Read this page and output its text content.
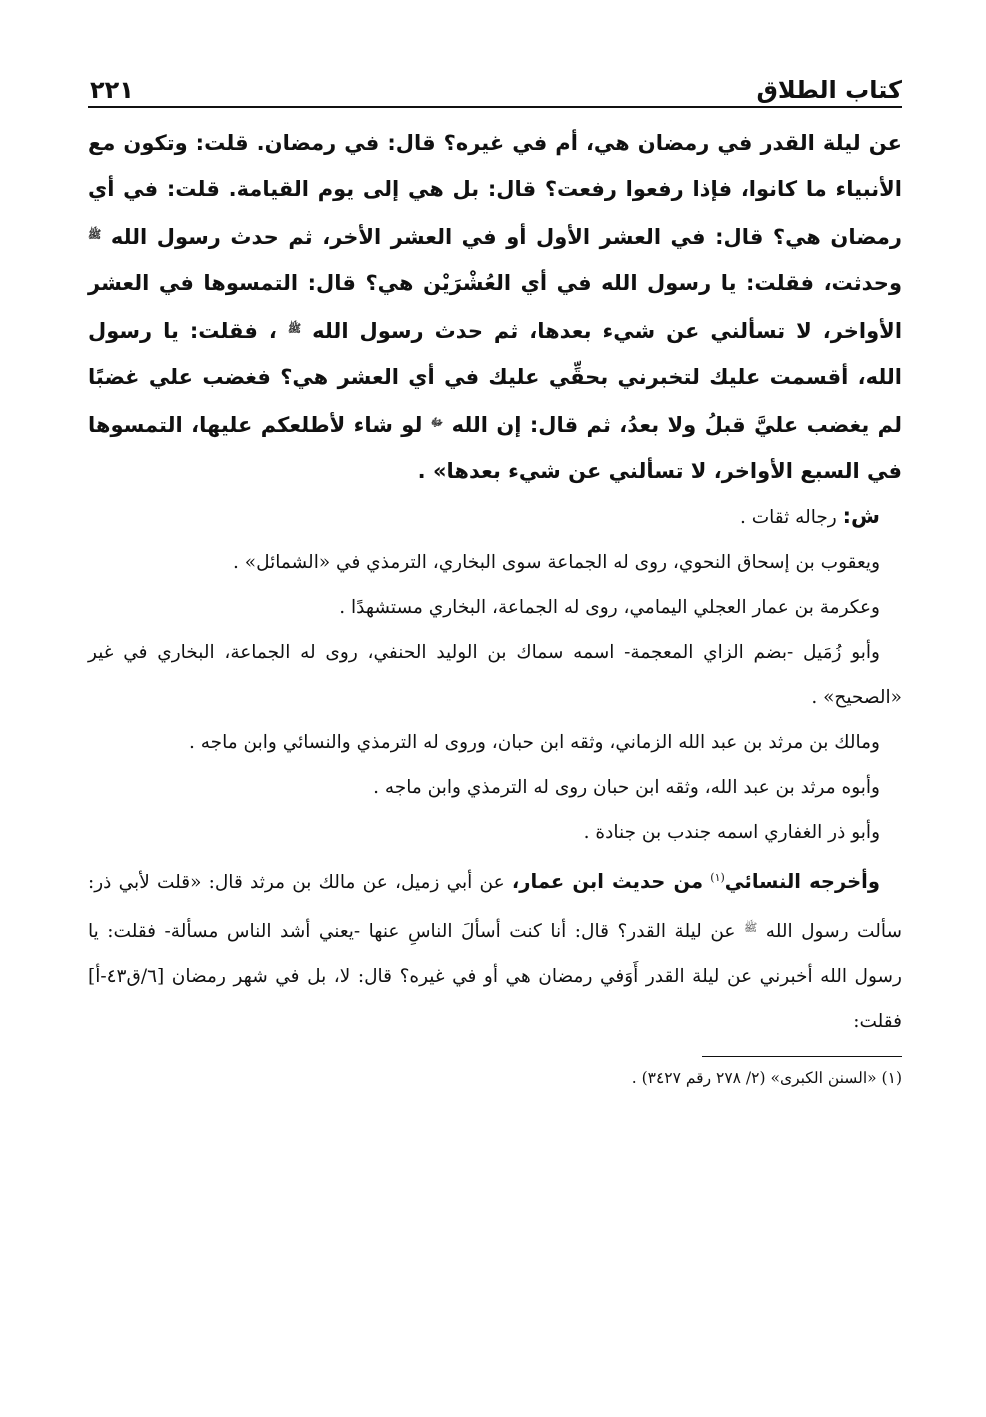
كتاب الطلاق
٢٢١

عن ليلة القدر في رمضان هي، أم في غيره؟ قال: في رمضان. قلت: وتكون مع الأنبياء ما كانوا، فإذا رفعوا رفعت؟ قال: بل هي إلى يوم القيامة. قلت: في أي رمضان هي؟ قال: في العشر الأول أو في العشر الأخر، ثم حدث رسول الله $^ﷺ$ وحدثت، فقلت: يا رسول الله في أي العُشْرَيْن هي؟ قال: التمسوها في العشر الأواخر، لا تسألني عن شيء بعدها، ثم حدث رسول الله $^ﷺ$ ، فقلت: يا رسول الله، أقسمت عليك لتخبرني بحقِّي عليك في أي العشر هي؟ فغضب علي غضبًا لم يغضب عليَّ قبلُ ولا بعدُ، ثم قال: إن الله $^ﷻ$ لو شاء لأطلعكم عليها، التمسوها في السبع الأواخر، لا تسألني عن شيء بعدها» .

ش: رجاله ثقات .

ويعقوب بن إسحاق النحوي، روى له الجماعة سوى البخاري، الترمذي في «الشمائل» .

وعكرمة بن عمار العجلي اليمامي، روى له الجماعة، البخاري مستشهدًا .

وأبو زُمَيل -بضم الزاي المعجمة- اسمه سماك بن الوليد الحنفي، روى له الجماعة، البخاري في غير «الصحيح» .

ومالك بن مرثد بن عبد الله الزماني، وثقه ابن حبان، وروى له الترمذي والنسائي وابن ماجه .

وأبوه مرثد بن عبد الله، وثقه ابن حبان روى له الترمذي وابن ماجه .

وأبو ذر الغفاري اسمه جندب بن جنادة .

وأخرجه النسائي$^{(١)}$ من حديث ابن عمار، عن أبي زميل، عن مالك بن مرثد قال: «قلت لأبي ذر: سألت رسول الله $^ﷺ$ عن ليلة القدر؟ قال: أنا كنت أسألَ الناسِ عنها -يعني أشد الناس مسألة- فقلت: يا رسول الله أخبرني عن ليلة القدر أَوَفي رمضان هي أو في غيره؟ قال: لا، بل في شهر رمضان [٦/ق٤٣-أ] فقلت:

(١) «السنن الكبرى» (٢/ ٢٧٨ رقم ٣٤٢٧) .
